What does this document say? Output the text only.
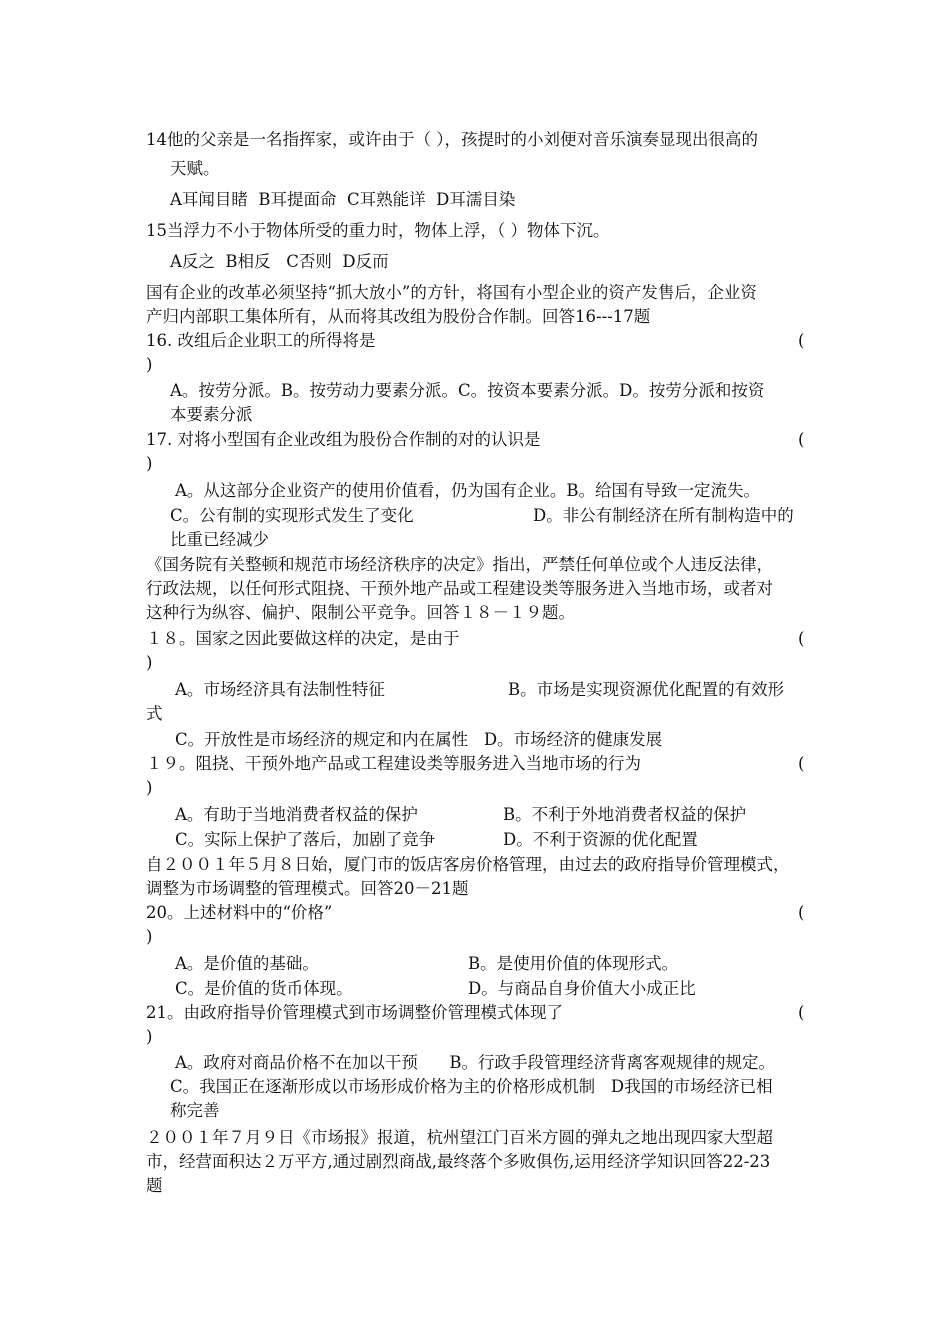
14他的父亲是一名指挥家，或许由于（ ），孩提时的小刘便对音乐演奏显现出很高的
天赋。
A耳闻目睹  B耳提面命  C耳熟能详  D耳濡目染
15当浮力不小于物体所受的重力时，物体上浮，（ ）物体下沉。
A反之  B相反   C否则  D反而
国有企业的改革必须坚持“抓大放小”的方针，将国有小型企业的资产发售后，企业资
产归内部职工集体所有，从而将其改组为股份合作制。回答16---17题
16. 改组后企业职工的所得将是	(
)
A。按劳分派。B。按劳动力要素分派。C。按资本要素分派。D。按劳分派和按资
本要素分派
17. 对将小型国有企业改组为股份合作制的对的认识是	(
)
A。从这部分企业资产的使用价值看，仍为国有企业。B。给国有导致一定流失。
C。公有制的实现形式发生了变化	D。非公有制经济在所有制构造中的
比重已经减少
《国务院有关整顿和规范市场经济秩序的决定》指出，严禁任何单位或个人违反法律，
行政法规，以任何形式阻挠、干预外地产品或工程建设类等服务进入当地市场，或者对
这种行为纵容、偏护、限制公平竞争。回答１８－１９题。
１８。国家之因此要做这样的决定，是由于	(
)
A。市场经济具有法制性特征	B。市场是实现资源优化配置的有效形
式
C。开放性是市场经济的规定和内在属性   D。市场经济的健康发展
１９。阻挠、干预外地产品或工程建设类等服务进入当地市场的行为	(
)
A。有助于当地消费者权益的保护	B。不利于外地消费者权益的保护
C。实际上保护了落后，加剧了竞争	D。不利于资源的优化配置
自２００１年５月８日始，厦门市的饭店客房价格管理，由过去的政府指导价管理模式，
调整为市场调整的管理模式。回答20－21题
20。上述材料中的“价格”	(
)
A。是价值的基础。	B。是使用价值的体现形式。
C。是价值的货币体现。	D。与商品自身价值大小成正比
21。由政府指导价管理模式到市场调整价管理模式体现了	(
)
A。政府对商品价格不在加以干预      B。行政手段管理经济背离客观规律的规定。
C。我国正在逐渐形成以市场形成价格为主的价格形成机制   D我国的市场经济已相
称完善
２００１年７月９日《市场报》报道，杭州望江门百米方圆的弹丸之地出现四家大型超
市，经营面积达２万平方,通过剧烈商战,最终落个多败俱伤,运用经济学知识回答22-23
题
